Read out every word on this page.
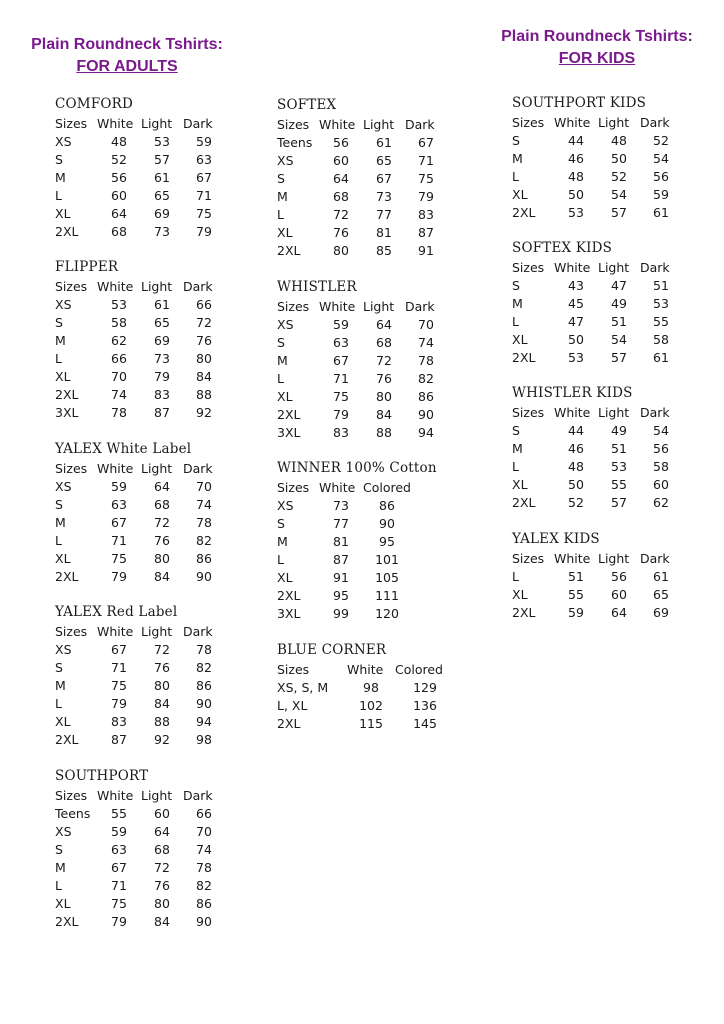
Plain Roundneck Tshirts:
FOR ADULTS
Plain Roundneck Tshirts:
FOR KIDS
COMFORD
Sizes	White	Light	Dark
XS	48	53	59
S	52	57	63
M	56	61	67
L	60	65	71
XL	64	69	75
2XL	68	73	79
FLIPPER
Sizes	White	Light	Dark
XS	53	61	66
S	58	65	72
M	62	69	76
L	66	73	80
XL	70	79	84
2XL	74	83	88
3XL	78	87	92
YALEX White Label
Sizes	White	Light	Dark
XS	59	64	70
S	63	68	74
M	67	72	78
L	71	76	82
XL	75	80	86
2XL	79	84	90
YALEX Red Label
Sizes	White	Light	Dark
XS	67	72	78
S	71	76	82
M	75	80	86
L	79	84	90
XL	83	88	94
2XL	87	92	98
SOUTHPORT
Sizes	White	Light	Dark
Teens	55	60	66
XS	59	64	70
S	63	68	74
M	67	72	78
L	71	76	82
XL	75	80	86
2XL	79	84	90
SOFTEX
Sizes	White	Light	Dark
Teens	56	61	67
XS	60	65	71
S	64	67	75
M	68	73	79
L	72	77	83
XL	76	81	87
2XL	80	85	91
WHISTLER
Sizes	White	Light	Dark
XS	59	64	70
S	63	68	74
M	67	72	78
L	71	76	82
XL	75	80	86
2XL	79	84	90
3XL	83	88	94
WINNER 100% Cotton
Sizes	White	Colored
XS	73	86
S	77	90
M	81	95
L	87	101
XL	91	105
2XL	95	111
3XL	99	120
BLUE CORNER
Sizes	White	Colored
XS, S, M	98	129
L, XL	102	136
2XL	115	145
SOUTHPORT KIDS
Sizes	White	Light	Dark
S	44	48	52
M	46	50	54
L	48	52	56
XL	50	54	59
2XL	53	57	61
SOFTEX KIDS
Sizes	White	Light	Dark
S	43	47	51
M	45	49	53
L	47	51	55
XL	50	54	58
2XL	53	57	61
WHISTLER KIDS
Sizes	White	Light	Dark
S	44	49	54
M	46	51	56
L	48	53	58
XL	50	55	60
2XL	52	57	62
YALEX KIDS
Sizes	White	Light	Dark
L	51	56	61
XL	55	60	65
2XL	59	64	69
